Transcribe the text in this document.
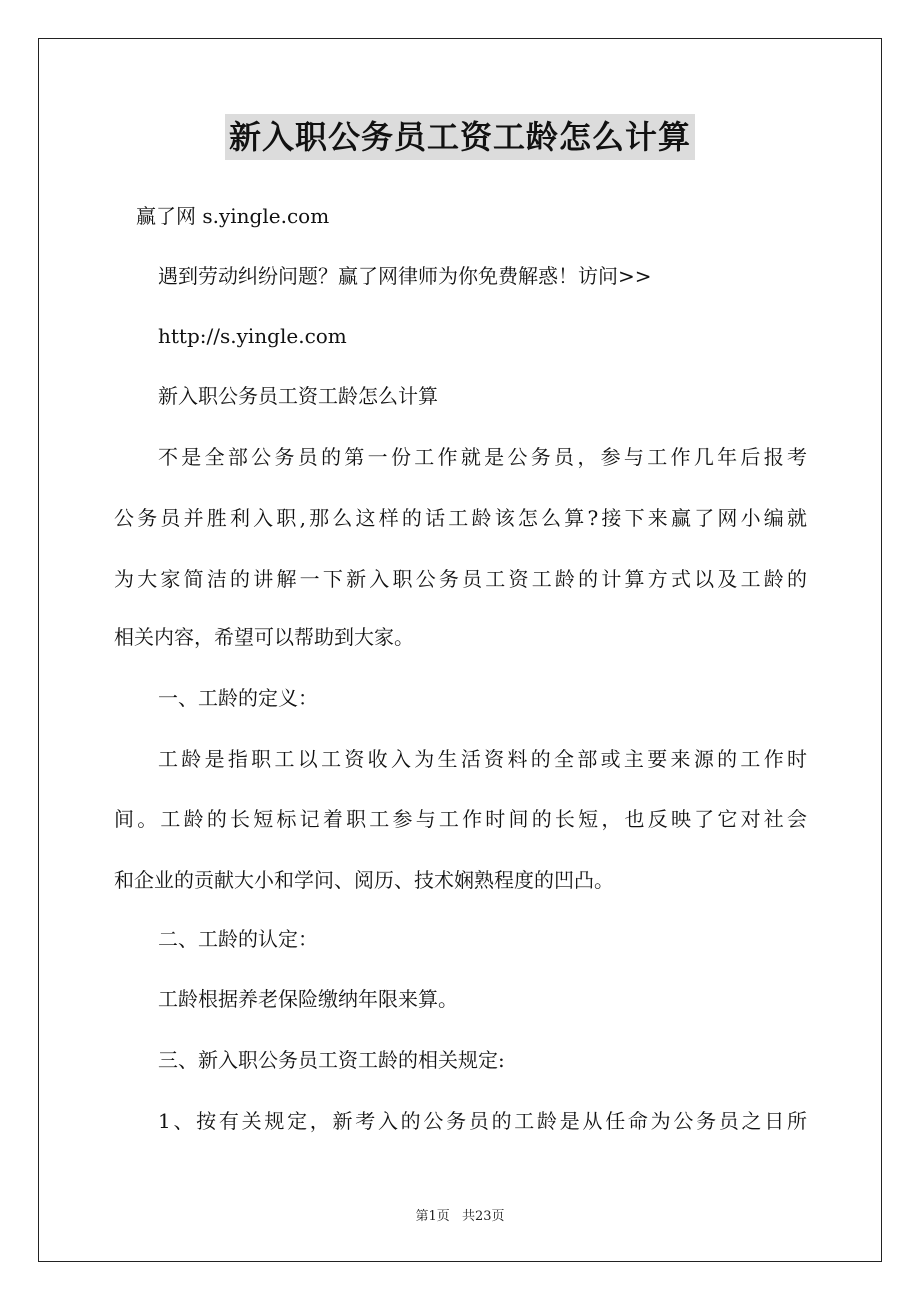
新入职公务员工资工龄怎么计算
赢了网 s.yingle.com
遇到劳动纠纷问题？赢了网律师为你免费解惑！访问>>
http://s.yingle.com
新入职公务员工资工龄怎么计算
不是全部公务员的第一份工作就是公务员，参与工作几年后报考
公务员并胜利入职,那么这样的话工龄该怎么算?接下来赢了网小编就
为大家简洁的讲解一下新入职公务员工资工龄的计算方式以及工龄的
相关内容，希望可以帮助到大家。
一、工龄的定义：
工龄是指职工以工资收入为生活资料的全部或主要来源的工作时
间。工龄的长短标记着职工参与工作时间的长短，也反映了它对社会
和企业的贡献大小和学问、阅历、技术娴熟程度的凹凸。
二、工龄的认定：
工龄根据养老保险缴纳年限来算。
三、新入职公务员工资工龄的相关规定:
1、按有关规定，新考入的公务员的工龄是从任命为公务员之日所
第1页 共23页
